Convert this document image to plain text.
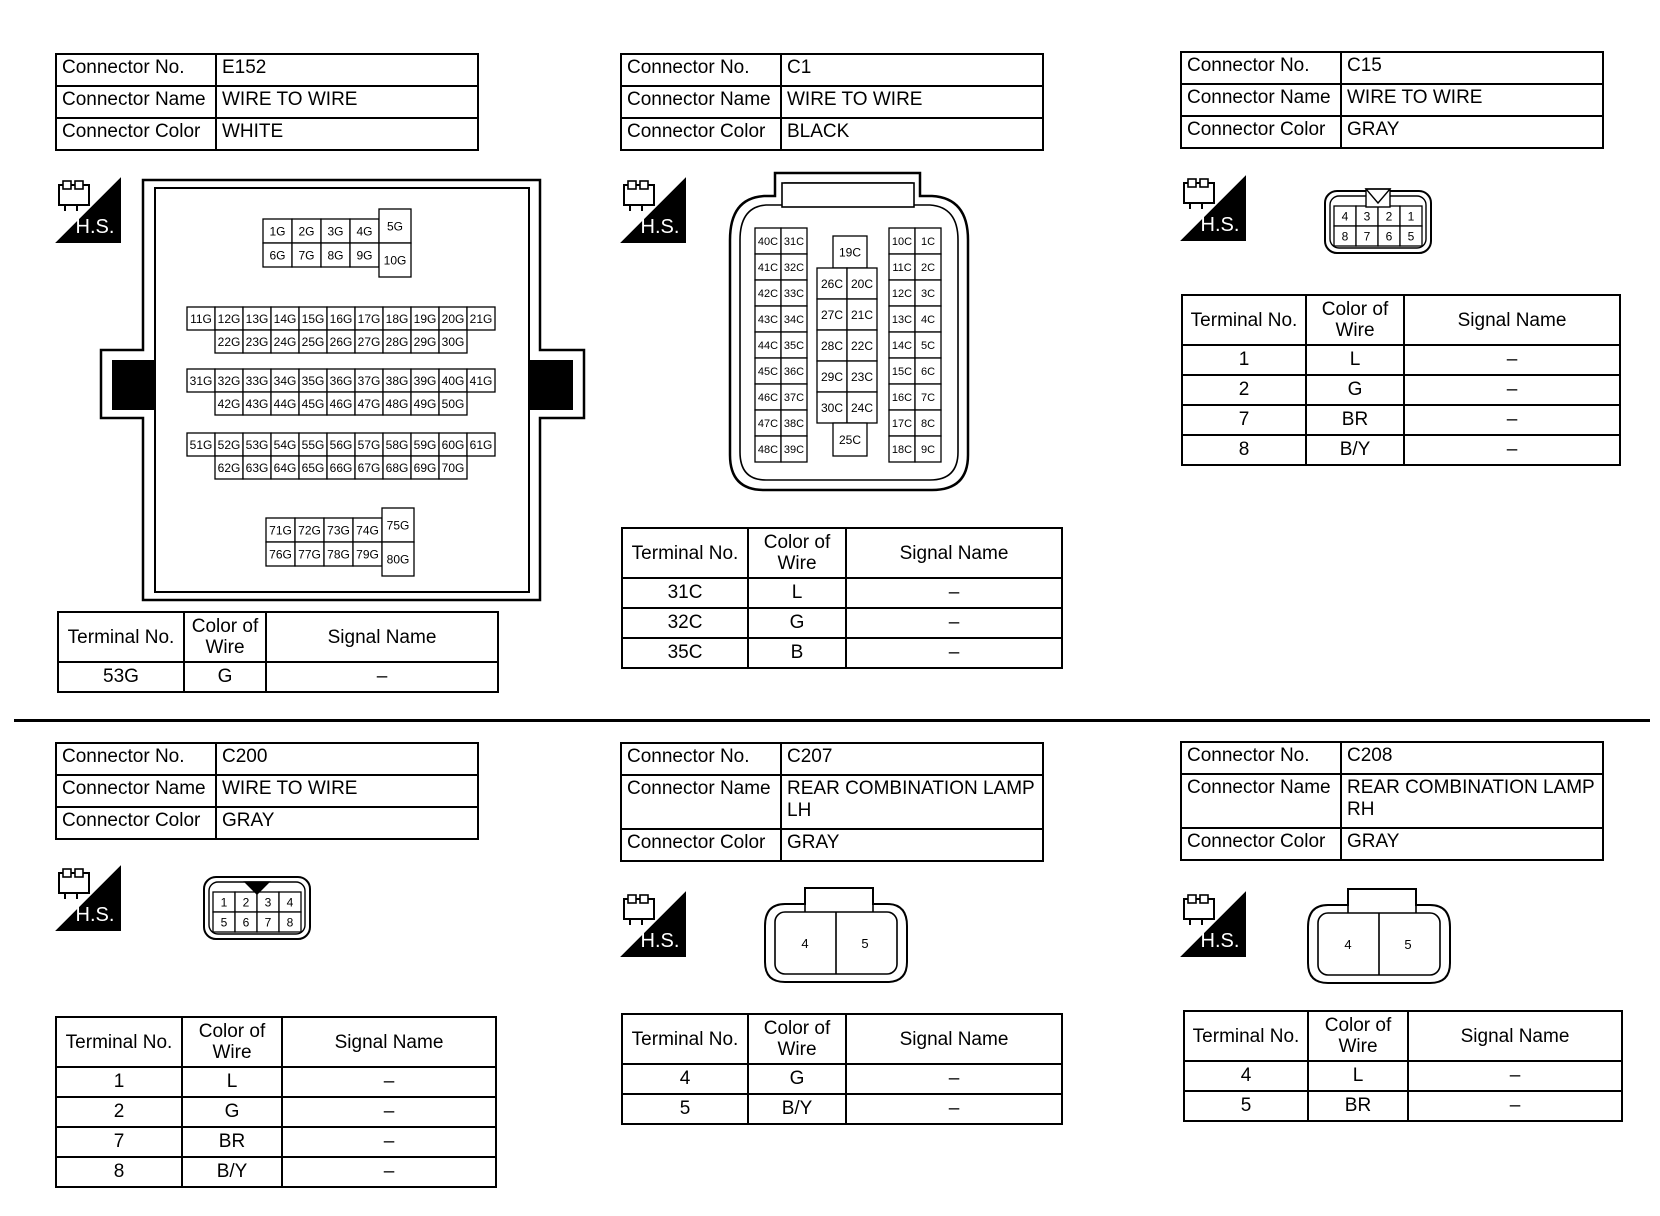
Connector No.	E152
Connector Name	WIRE TO WIRE
Connector Color	WHITE
Connector No.	C1
Connector Name	WIRE TO WIRE
Connector Color	BLACK
Connector No.	C15
Connector Name	WIRE TO WIRE
Connector Color	GRAY
Connector No.	C200
Connector Name	WIRE TO WIRE
Connector Color	GRAY
Connector No.	C207
Connector Name	REAR COMBINATION LAMP LH
Connector Color	GRAY
Connector No.	C208
Connector Name	REAR COMBINATION LAMP RH
Connector Color	GRAY
H.S.	H.S.	H.S.
H.S.
H.S.	H.S.
1G 2G 3G 4G
6G 7G 8G 9G
5G
10G
11G 12G 13G 14G 15G 16G 17G 18G 19G 20G 21G
22G 23G 24G 25G 26G 27G 28G 29G 30G
31G 32G 33G 34G 35G 36G 37G 38G 39G 40G 41G
42G 43G 44G 45G 46G 47G 48G 49G 50G
51G 52G 53G 54G 55G 56G 57G 58G 59G 60G 61G
62G 63G 64G 65G 66G 67G 68G 69G 70G
71G 72G 73G 74G
76G 77G 78G 79G
75G
80G
40C
41C
42C
43C
44C
45C
46C
47C
48C
31C
32C
33C
34C
35C
36C
37C
38C
39C
19C
26C
27C
28C
29C
30C
20C
21C
22C
23C
24C
25C
10C
11C
12C
13C
14C
15C
16C
17C
18C
1C
2C
3C
4C
5C
6C
7C
8C
9C
4 3 2 1
8 7 6 5
1 2 3 4
5 6 7 8
4	5	4	5
Terminal No.	Color of Wire	Signal Name
53G	G	–
Terminal No.	Color of Wire	Signal Name
31C	L	–
32C	G	–
35C	B	–
Terminal No.	Color of Wire	Signal Name
1	L	–
2	G	–
7	BR	–
8	B/Y	–
Terminal No.	Color of Wire	Signal Name
1	L	–
2	G	–
7	BR	–
8	B/Y	–
Terminal No.	Color of Wire	Signal Name
4	G	–
5	B/Y	–
Terminal No.	Color of Wire	Signal Name
4	L	–
5	BR	–
